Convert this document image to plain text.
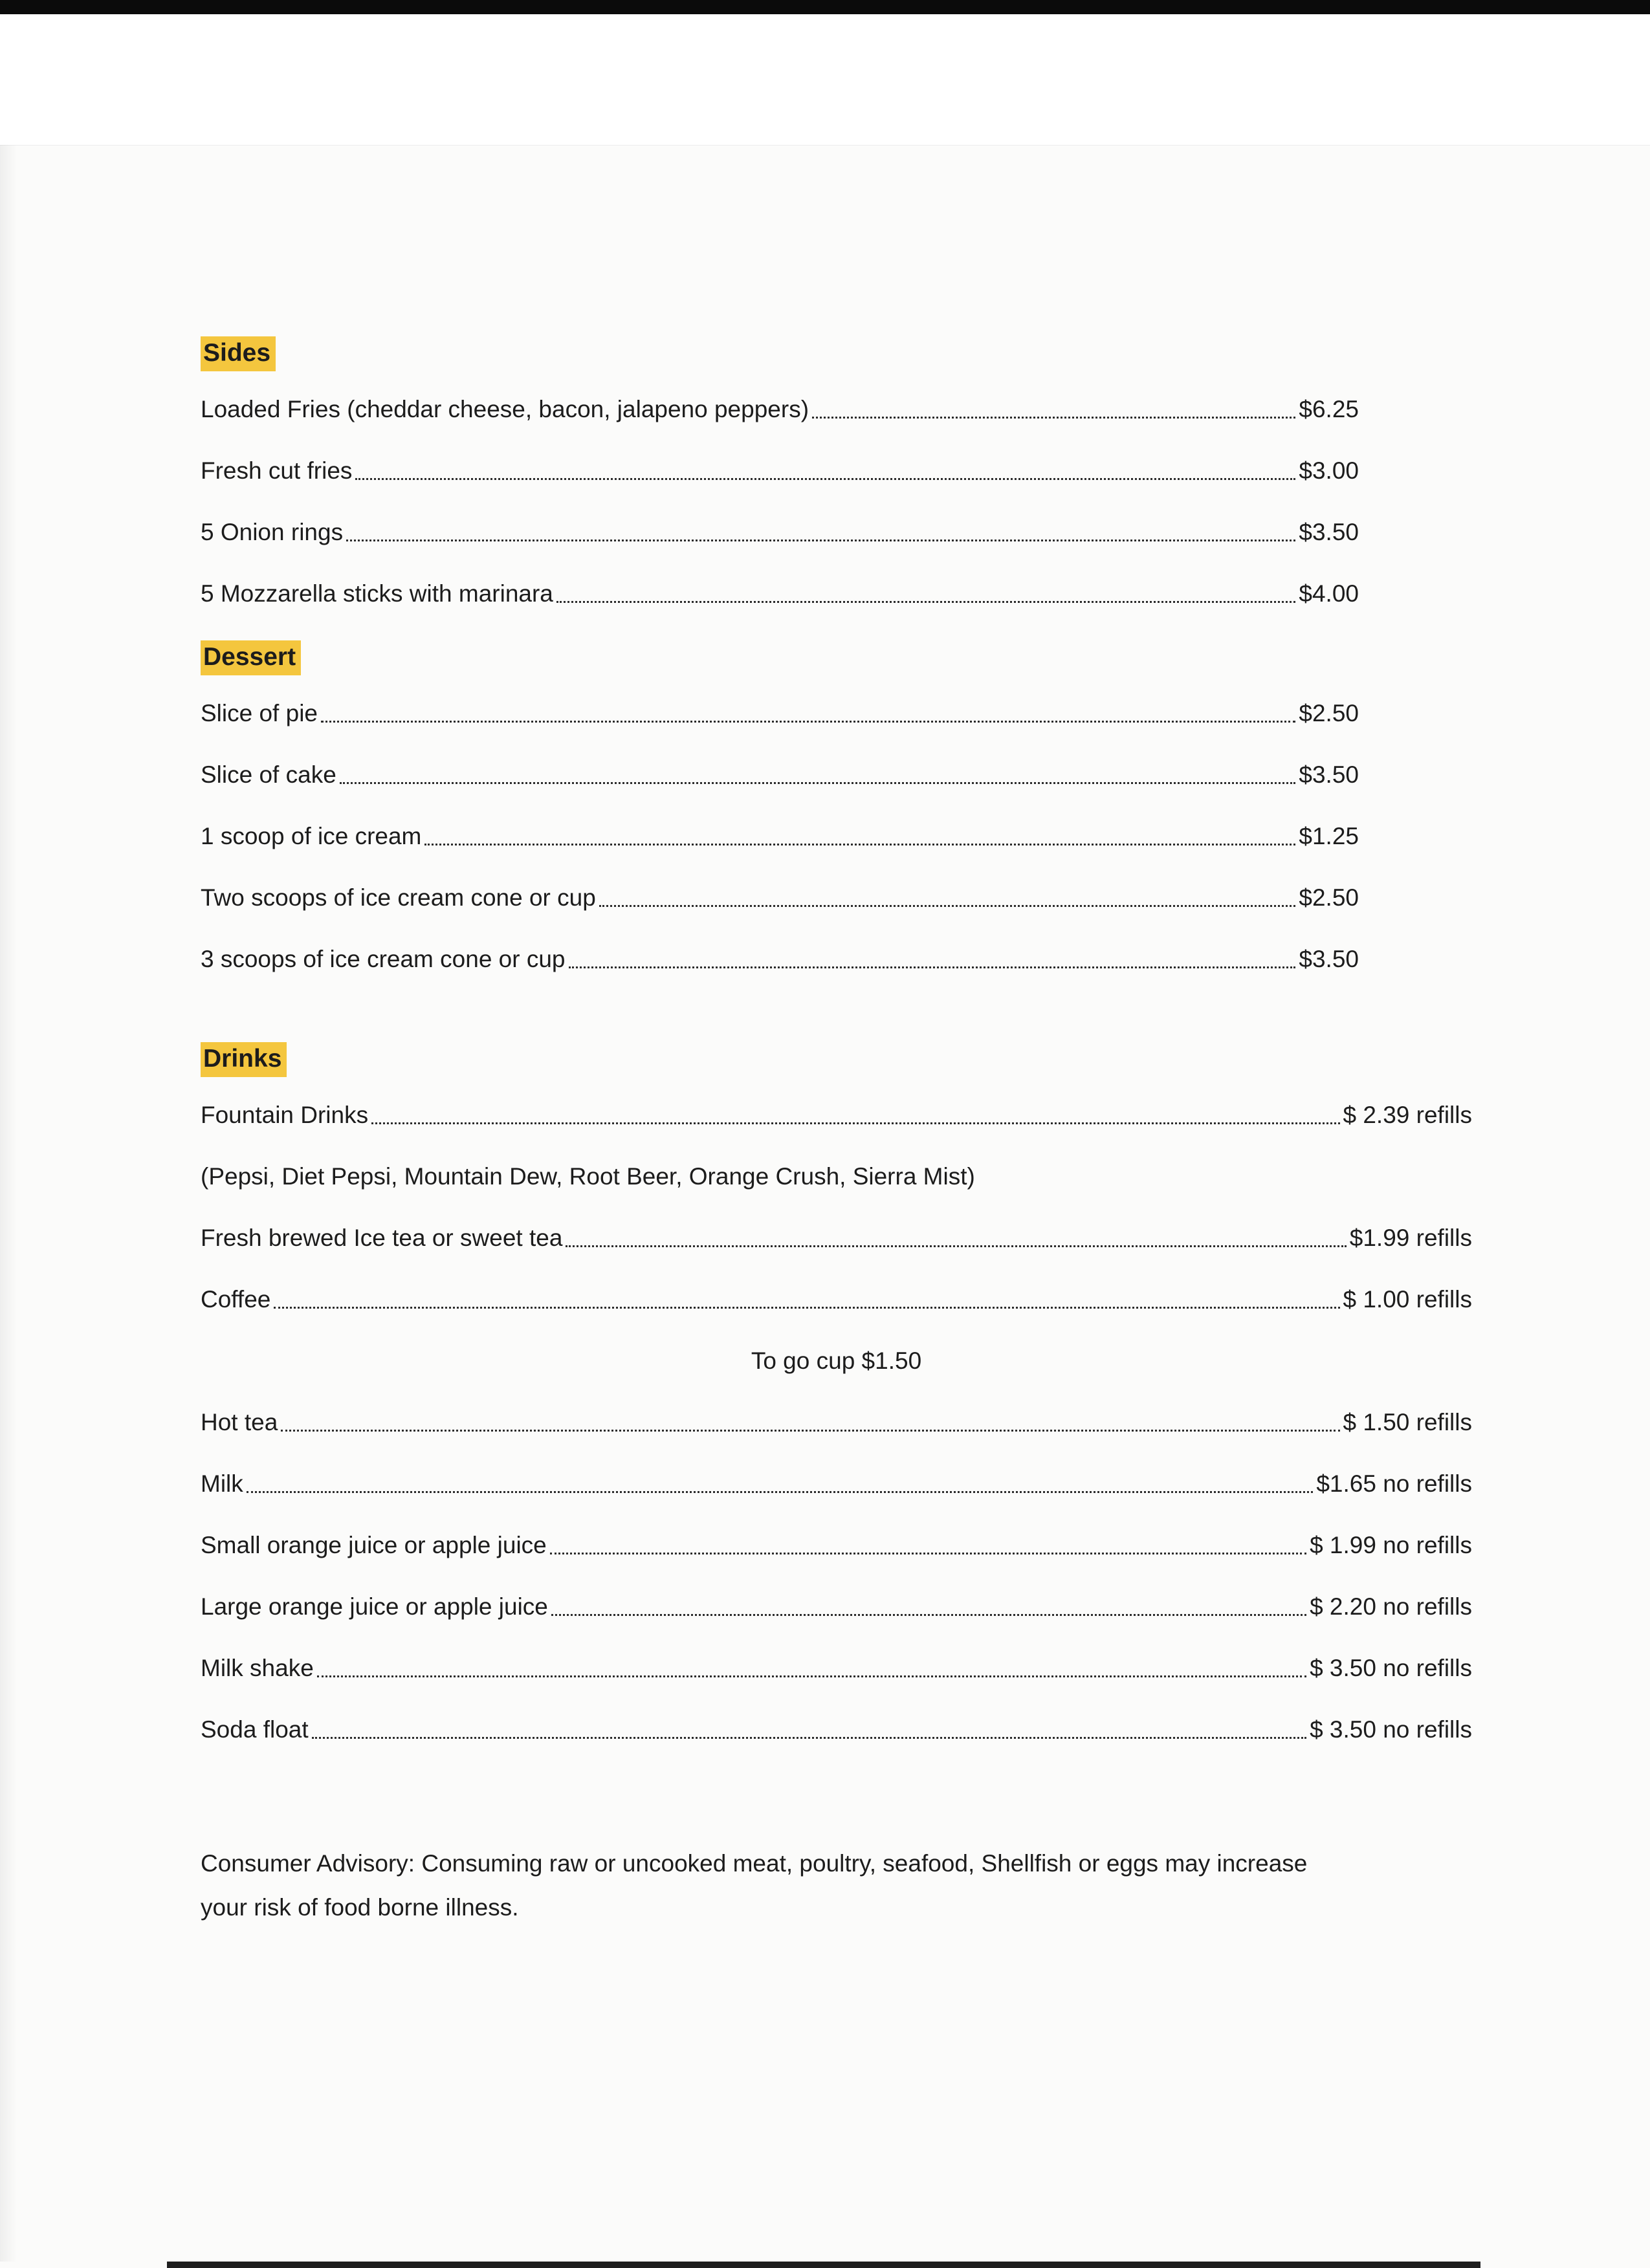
Sides
Loaded Fries (cheddar cheese, bacon, jalapeno peppers)	$6.25
Fresh cut fries	$3.00
5 Onion rings	$3.50
5 Mozzarella sticks with marinara	$4.00
Dessert
Slice of pie	$2.50
Slice of cake	$3.50
1 scoop of ice cream	$1.25
Two scoops of ice cream cone or cup	$2.50
3 scoops of ice cream cone or cup	$3.50
Drinks
Fountain Drinks	$ 2.39 refills
(Pepsi, Diet Pepsi, Mountain Dew, Root Beer, Orange Crush, Sierra Mist)
Fresh brewed Ice tea or sweet tea	$1.99 refills
Coffee	$ 1.00 refills
To go cup $1.50
Hot tea	$ 1.50 refills
Milk	$1.65 no refills
Small orange juice or apple juice	$ 1.99 no refills
Large orange juice or apple juice	$ 2.20 no refills
Milk shake	$ 3.50 no refills
Soda float	$ 3.50 no refills
Consumer Advisory: Consuming raw or uncooked meat, poultry, seafood, Shellfish or eggs may increase
your risk of food borne illness.
